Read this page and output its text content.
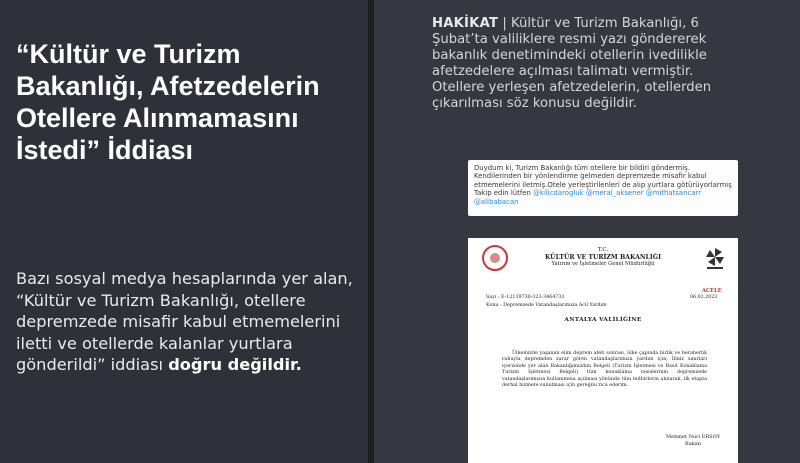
“Kültür ve Turizm Bakanlığı, Afetzedelerin Otellere Alınmamasını İstedi” İddiası
Bazı sosyal medya hesaplarında yer alan, “Kültür ve Turizm Bakanlığı, otellere depremzede misafir kabul etmemelerini iletti ve otellerde kalanlar yurtlara gönderildi” iddiası doğru değildir.
HAKİKAT | Kültür ve Turizm Bakanlığı, 6 Şubat’ta valiliklere resmi yazı göndererek bakanlık denetimindeki otellerin ivedilikle afetzedelere açılması talimatı vermiştir. Otellere yerleşen afetzedelerin, otellerden çıkarılması söz konusu değildir.
Duydum ki, Turizm Bakanlığı tüm otellere bir bildiri göndermiş. Kendilerinden bir yönlendirme gelmeden depremzede misafir kabul etmemelerini iletmiş.Otele yerleştirilenleri de alıp yurtlara götürüyorlarmış
Takip edin lütfen @kilicdarogluk @meral_aksener @mithatsancarr @alibabacan
T.C.
KÜLTÜR VE TURİZM BAKANLIĞI
Yatırım ve İşletmeler Genel Müdürlüğü
ACELE
Sayı : E-12139730-323-3464733	06.02.2023
Konu : Depremzede Vatandaşlarımıza Acil Yardım
ANTALYA VALİLİĞİNE
Ülkemizde yaşanan elim deprem afeti sonrası, ülke çapında birlik ve beraberlik ruhuyla depremden zarar gören vatandaşlarımıza yardım için; İliniz sınırları içerisinde yer alan Bakanlığımızdan Belgeli (Turizm İşletmesi ve Basit Konaklama Turizm İşletmesi Belgeli) tüm konaklama tesislerinin depremzede vatandaşlarımızın kullanımına açılması yönünde tüm tedbirlerin alınarak, ilk etapta derhal hizmete sunulması için gereğini rica ederim.
Mehmet Nuri ERSOY
Bakan
